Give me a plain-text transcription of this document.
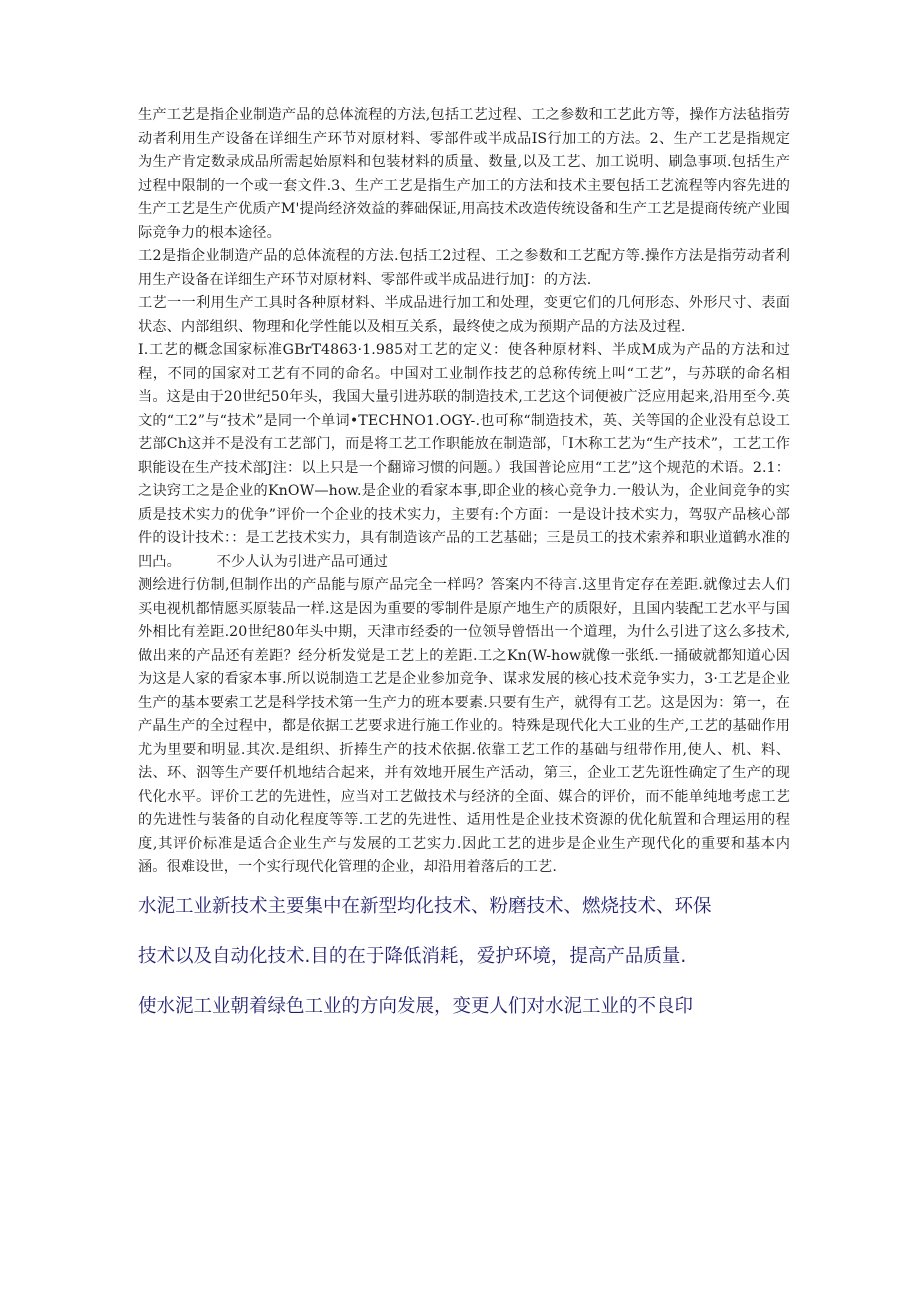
生产工艺是指企业制造产品的总体流程的方法,包括工艺过程、工之参数和工艺此方等，操作方法毡指劳动者利用生产设备在详细生产环节对原材料、零部件或半成品IS行加工的方法。2、生产工艺是指规定为生产肯定数录成品所需起始原料和包装材料的质量、数量,以及工艺、加工说明、刷急事项.包括生产过程中限制的一个或一套文件.3、生产工艺是指生产加工的方法和技术主要包括工艺流程等内容先进的生产工艺是生产优质产M'提尚经济效益的葬础保证,用高技术改造传统设备和生产工艺是提商传统产业囤际竞争力的根本途径。

工2是指企业制造产品的总体流程的方法.包括工2过程、工之参数和工艺配方等.操作方法是指劳动者利用生产设备在详细生产环节对原材料、零部件或半成品进行加J：的方法.

工艺一一利用生产工具时各种原材料、半成品进行加工和处理，变更它们的几何形态、外形尺寸、表面状态、内部组织、物理和化学性能以及相互关系，最终使之成为预期产品的方法及过程.

I.工艺的概念国家标准GBrT4863·1.985对工艺的定义：使各种原材料、半成M成为产品的方法和过程，不同的国家对工艺有不同的命名。中国对工业制作技艺的总称传统上叫“工艺”，与苏联的命名相当。这是由于20世纪50年头，我国大量引进苏联的制造技术,工艺这个词便被广泛应用起来,沿用至今.英文的“工2”与“技术”是同一个单词•TECHNO1.OGY-.也可称“制造技术，英、关等国的企业没有总设工艺部Ch这并不是没有工艺部门，而是将工艺工作职能放在制造部，「I木称工艺为“生产技术”，工艺工作职能设在生产技术部J注：以上只是一个翻谛习惯的问题。）我国普论应用“工艺”这个规范的术语。2.1：之诀窍工之是企业的KnOW—how.是企业的看家本事,即企业的核心竞争力.一般认为，企业间竞争的实质是技术实力的优争”评价一个企业的技术实力，主要有:个方面：一是设计技术实力，驾驭产品核心部件的设计技术：：是工艺技术实力，具有制造该产品的工艺基础；三是员工的技术索养和职业道鹤水准的凹凸。　　　不少人认为引进产品可通过

测绘进行仿制,但制作出的产品能与原产品完全一样吗？答案内不待言.这里肯定存在差距.就像过去人们买电视机都情愿买原装品一样.这是因为重要的零制件是原产地生产的质限好，且国内装配工艺水平与国外相比有差距.20世纪80年头中期，天津市经委的一位领导曾悟出一个道理，为什么引进了这么多技术,做出来的产品还有差距？经分析发觉是工艺上的差距.工之Kn(W-how就像一张纸.一捅破就都知道心因为这是人家的看家本事.所以说制造工艺是企业参加竞争、谋求发展的核心技术竞争实力，3·工艺是企业生产的基本要索工艺是科学技术第一生产力的班本要素.只要有生产，就得有工艺。这是因为：第一，在产晶生产的全过程中，都是依据工艺要求进行施工作业的。特殊是现代化大工业的生产,工艺的基础作用尤为里要和明显.其次.是组织、折捧生产的技术依据.依靠工艺工作的基础与纽带作用,使人、机、料、法、环、泅等生产要仟机地结合起来，并有效地开展生产活动，第三，企业工艺先诳性确定了生产的现代化水平。评价工艺的先进性，应当对工艺做技术与经济的全面、媒合的评价，而不能单纯地考虑工艺的先进性与装备的自动化程度等等.工艺的先进性、适用性是企业技术资源的优化航置和合理运用的程度,其评价标准是适合企业生产与发展的工艺实力.因此工艺的进步是企业生产现代化的重要和基本内涵。很难设世，一个实行现代化管理的企业，却沿用着落后的工艺.

水泥工业新技术主要集中在新型均化技术、粉磨技术、燃烧技术、环保

技术以及自动化技术.目的在于降低消耗，爱护环境，提高产品质量.

使水泥工业朝着绿色工业的方向发展，变更人们对水泥工业的不良印
